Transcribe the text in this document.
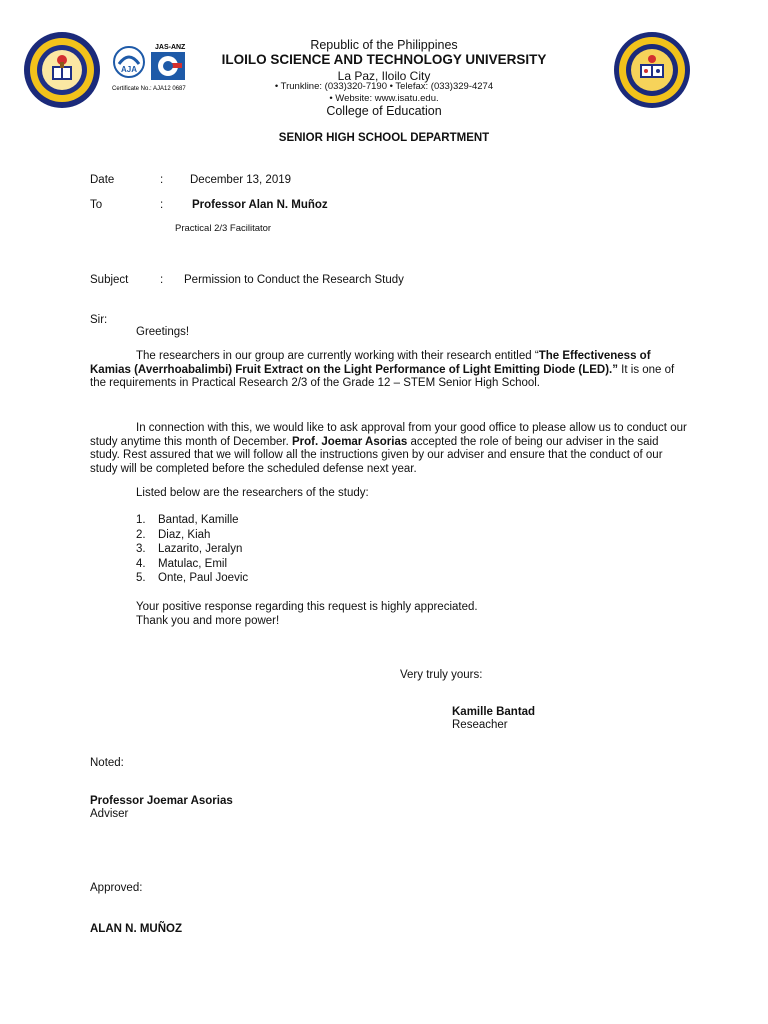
AJA
JAS-ANZ
Certificate No.: AJA12 0687
Republic of the Philippines
ILOILO SCIENCE AND TECHNOLOGY UNIVERSITY
La Paz, Iloilo City
• Trunkline: (033)320-7190 • Telefax: (033)329-4274
• Website: www.isatu.edu.
College of Education
SENIOR HIGH SCHOOL DEPARTMENT
Date	: December 13, 2019
To	:	Professor Alan N. Muñoz
Practical 2/3 Facilitator
Subject	: Permission to Conduct the Research Study
Sir:
Greetings!
The researchers in our group are currently working with their research entitled “The Effectiveness of Kamias (Averrhoabalimbi) Fruit Extract on the Light Performance of Light Emitting Diode (LED).” It is one of the requirements in Practical Research 2/3 of the Grade 12 – STEM Senior High School.
In connection with this, we would like to ask approval from your good office to please allow us to conduct our study anytime this month of December. Prof. Joemar Asorias accepted the role of being our adviser in the said study. Rest assured that we will follow all the instructions given by our adviser and ensure that the conduct of our study will be completed before the scheduled defense next year.
Listed below are the researchers of the study:
1. Bantad, Kamille
2. Diaz, Kiah
3. Lazarito, Jeralyn
4. Matulac, Emil
5. Onte, Paul Joevic
Your positive response regarding this request is highly appreciated.
Thank you and more power!
Very truly yours:
Kamille Bantad
Reseacher
Noted:
Professor Joemar Asorias
Adviser
Approved:
ALAN N. MUÑOZ
